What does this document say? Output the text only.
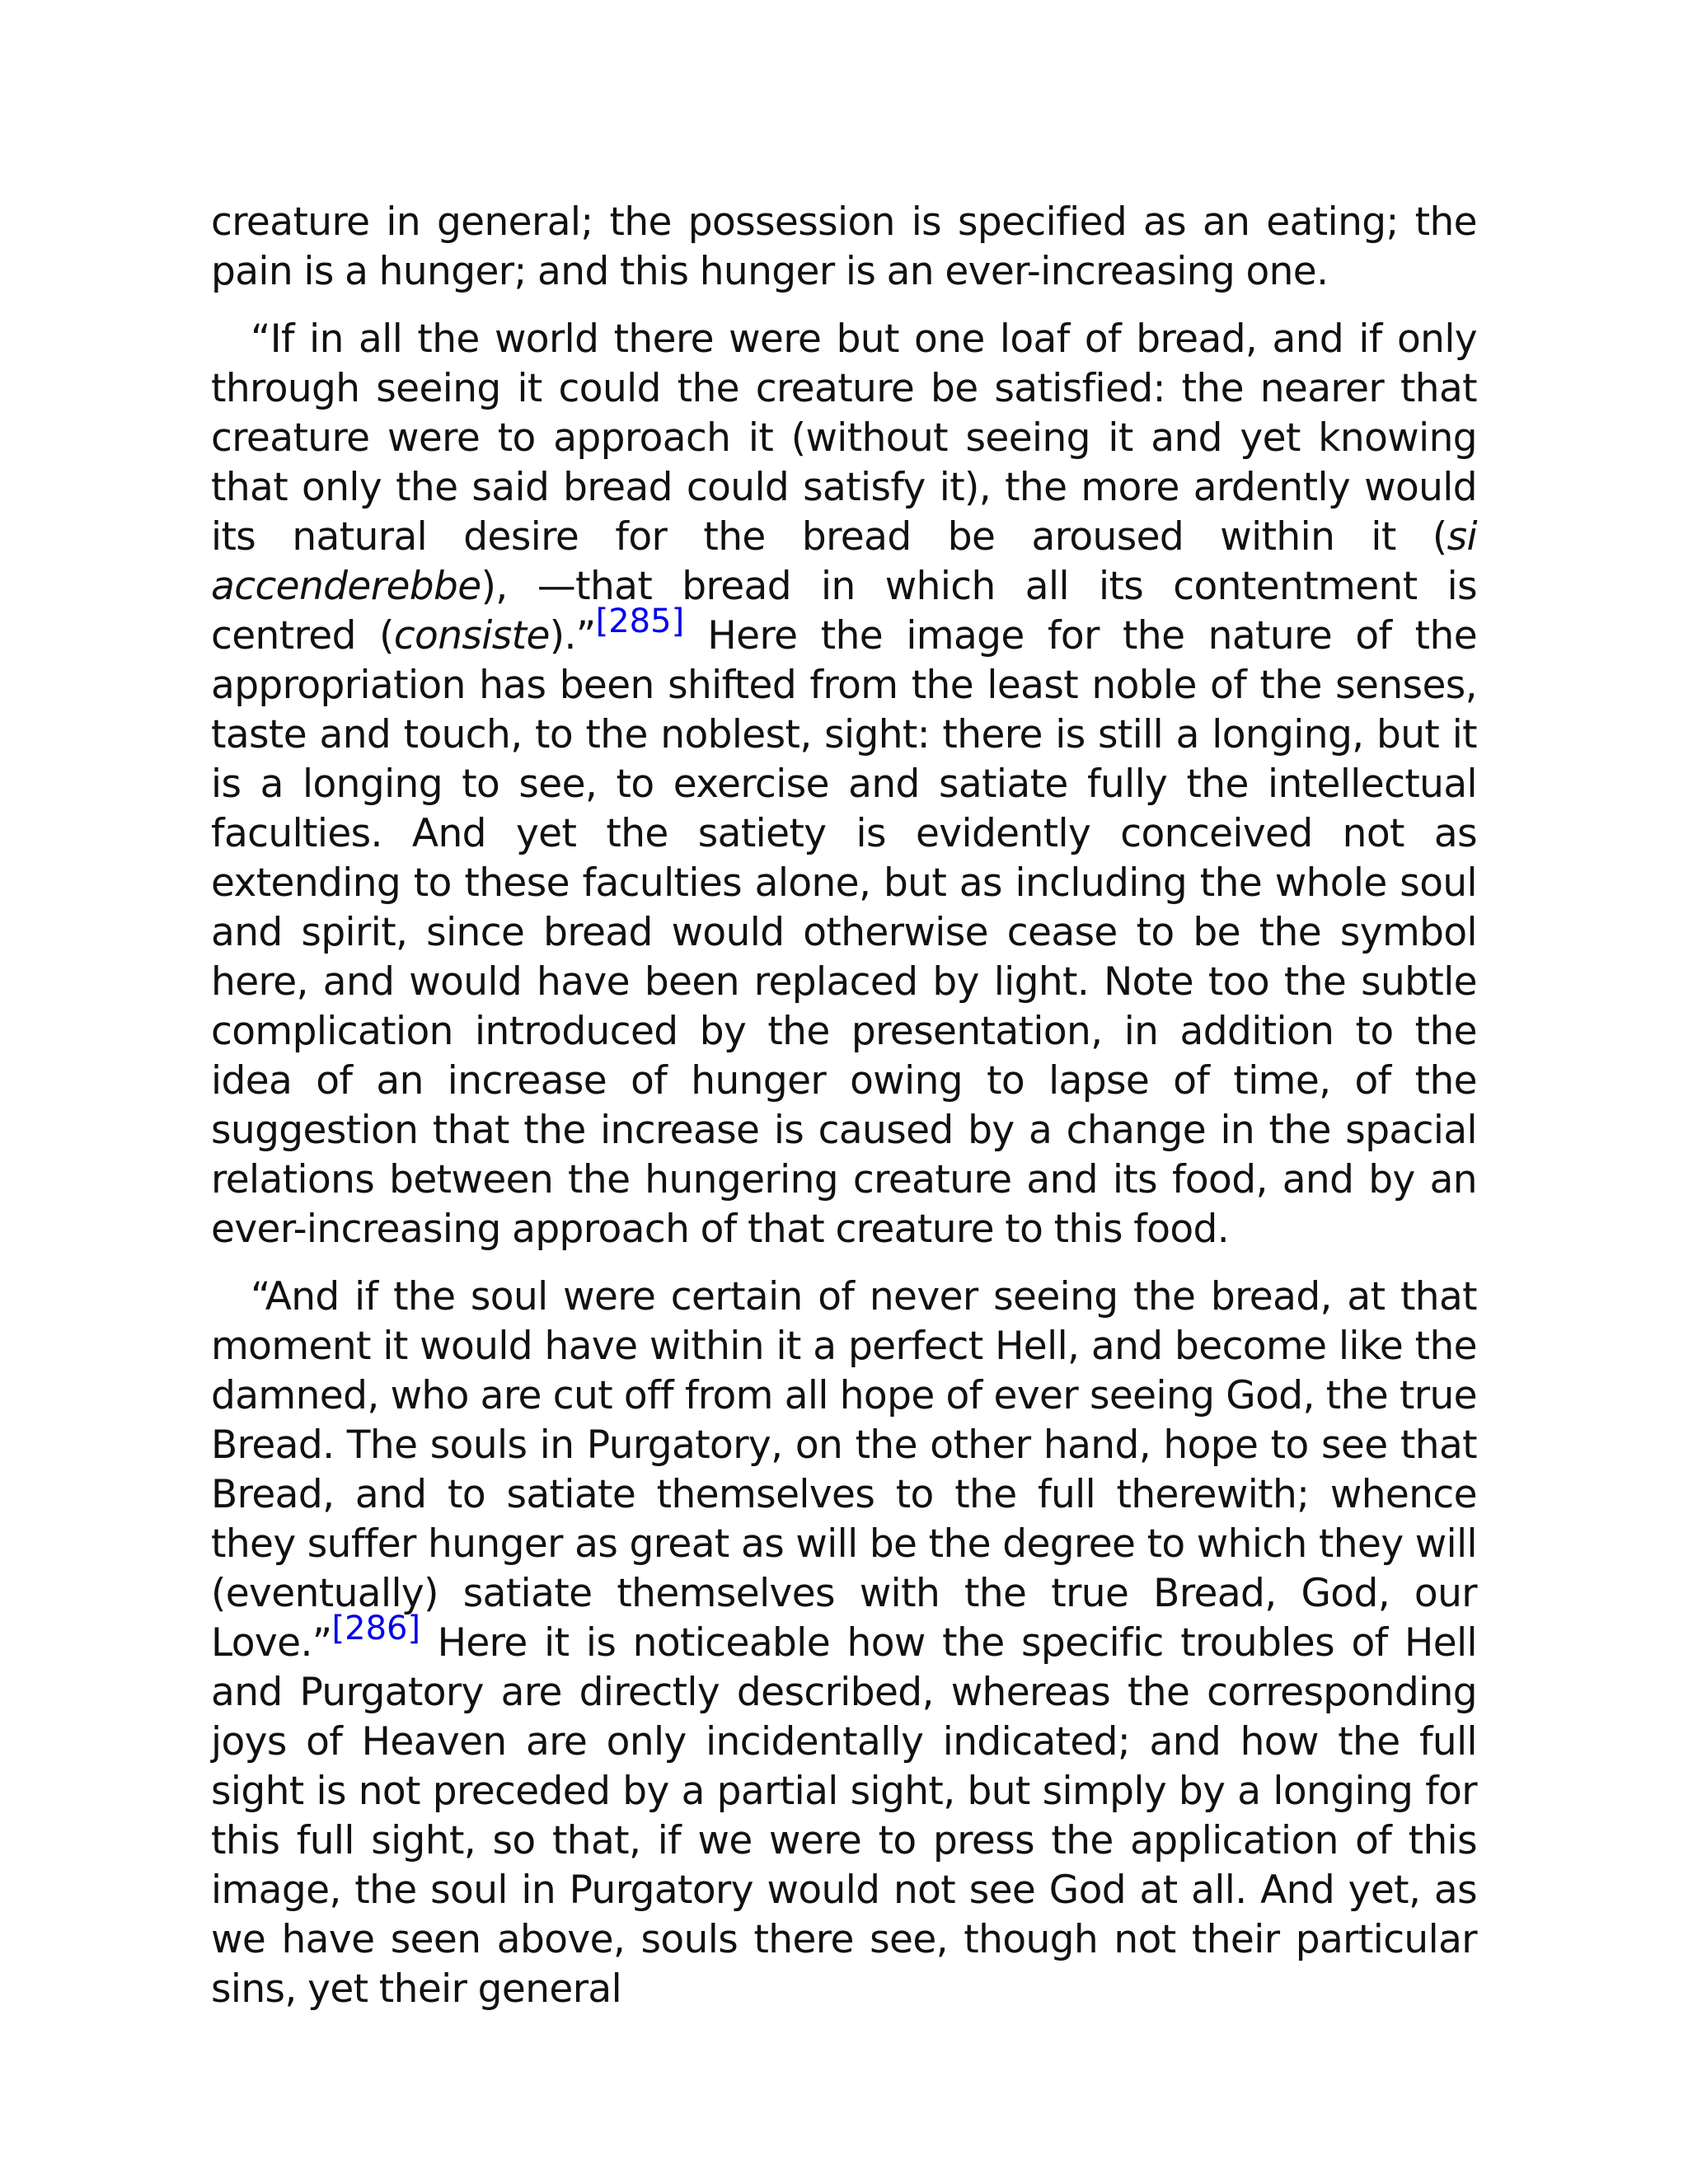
creature in general; the possession is specified as an eating; the pain is a hunger; and this hunger is an ever-increasing one.

“If in all the world there were but one loaf of bread, and if only through seeing it could the creature be satisfied: the nearer that creature were to approach it (without seeing it and yet knowing that only the said bread could satisfy it), the more ardently would its natural desire for the bread be aroused within it (si accenderebbe), —that bread in which all its contentment is centred (consiste).”[285] Here the image for the nature of the appropriation has been shifted from the least noble of the senses, taste and touch, to the noblest, sight: there is still a longing, but it is a longing to see, to exercise and satiate fully the intellectual faculties. And yet the satiety is evidently conceived not as extending to these faculties alone, but as including the whole soul and spirit, since bread would otherwise cease to be the symbol here, and would have been replaced by light. Note too the subtle complication introduced by the presentation, in addition to the idea of an increase of hunger owing to lapse of time, of the suggestion that the increase is caused by a change in the spacial relations between the hungering creature and its food, and by an ever-increasing approach of that creature to this food.

“And if the soul were certain of never seeing the bread, at that moment it would have within it a perfect Hell, and become like the damned, who are cut off from all hope of ever seeing God, the true Bread. The souls in Purgatory, on the other hand, hope to see that Bread, and to satiate themselves to the full therewith; whence they suffer hunger as great as will be the degree to which they will (eventually) satiate themselves with the true Bread, God, our Love.”[286] Here it is noticeable how the specific troubles of Hell and Purgatory are directly described, whereas the corresponding joys of Heaven are only incidentally indicated; and how the full sight is not preceded by a partial sight, but simply by a longing for this full sight, so that, if we were to press the application of this image, the soul in Purgatory would not see God at all. And yet, as we have seen above, souls there see, though not their particular sins, yet their general
